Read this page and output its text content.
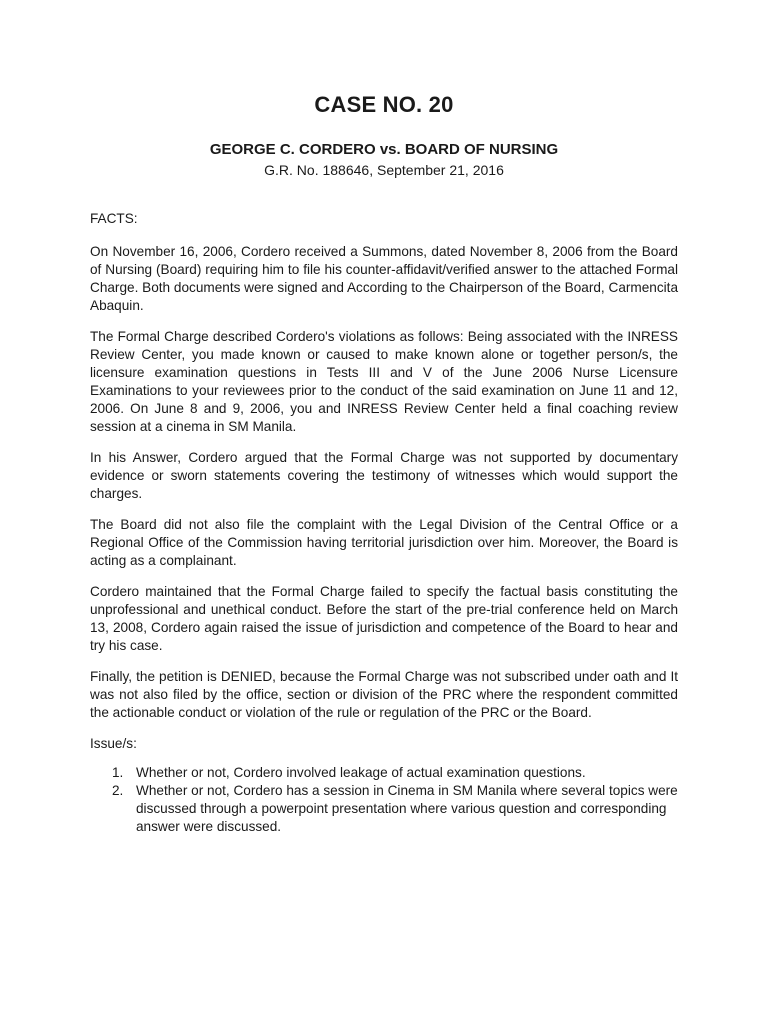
CASE NO. 20
GEORGE C. CORDERO vs. BOARD OF NURSING
G.R. No. 188646, September 21, 2016

FACTS:

On November 16, 2006, Cordero received a Summons, dated November 8, 2006 from the Board of Nursing (Board) requiring him to file his counter-affidavit/verified answer to the attached Formal Charge. Both documents were signed and According to the Chairperson of the Board, Carmencita Abaquin.

The Formal Charge described Cordero's violations as follows: Being associated with the INRESS Review Center, you made known or caused to make known alone or together person/s, the licensure examination questions in Tests III and V of the June 2006 Nurse Licensure Examinations to your reviewees prior to the conduct of the said examination on June 11 and 12, 2006. On June 8 and 9, 2006, you and INRESS Review Center held a final coaching review session at a cinema in SM Manila.

In his Answer, Cordero argued that the Formal Charge was not supported by documentary evidence or sworn statements covering the testimony of witnesses which would support the charges.

The Board did not also file the complaint with the Legal Division of the Central Office or a Regional Office of the Commission having territorial jurisdiction over him. Moreover, the Board is acting as a complainant.

Cordero maintained that the Formal Charge failed to specify the factual basis constituting the unprofessional and unethical conduct. Before the start of the pre-trial conference held on March 13, 2008, Cordero again raised the issue of jurisdiction and competence of the Board to hear and try his case.

Finally, the petition is DENIED, because the Formal Charge was not subscribed under oath and It was not also filed by the office, section or division of the PRC where the respondent committed the actionable conduct or violation of the rule or regulation of the PRC or the Board.

Issue/s:

1. Whether or not, Cordero involved leakage of actual examination questions.
2. Whether or not, Cordero has a session in Cinema in SM Manila where several topics were discussed through a powerpoint presentation where various question and corresponding answer were discussed.
